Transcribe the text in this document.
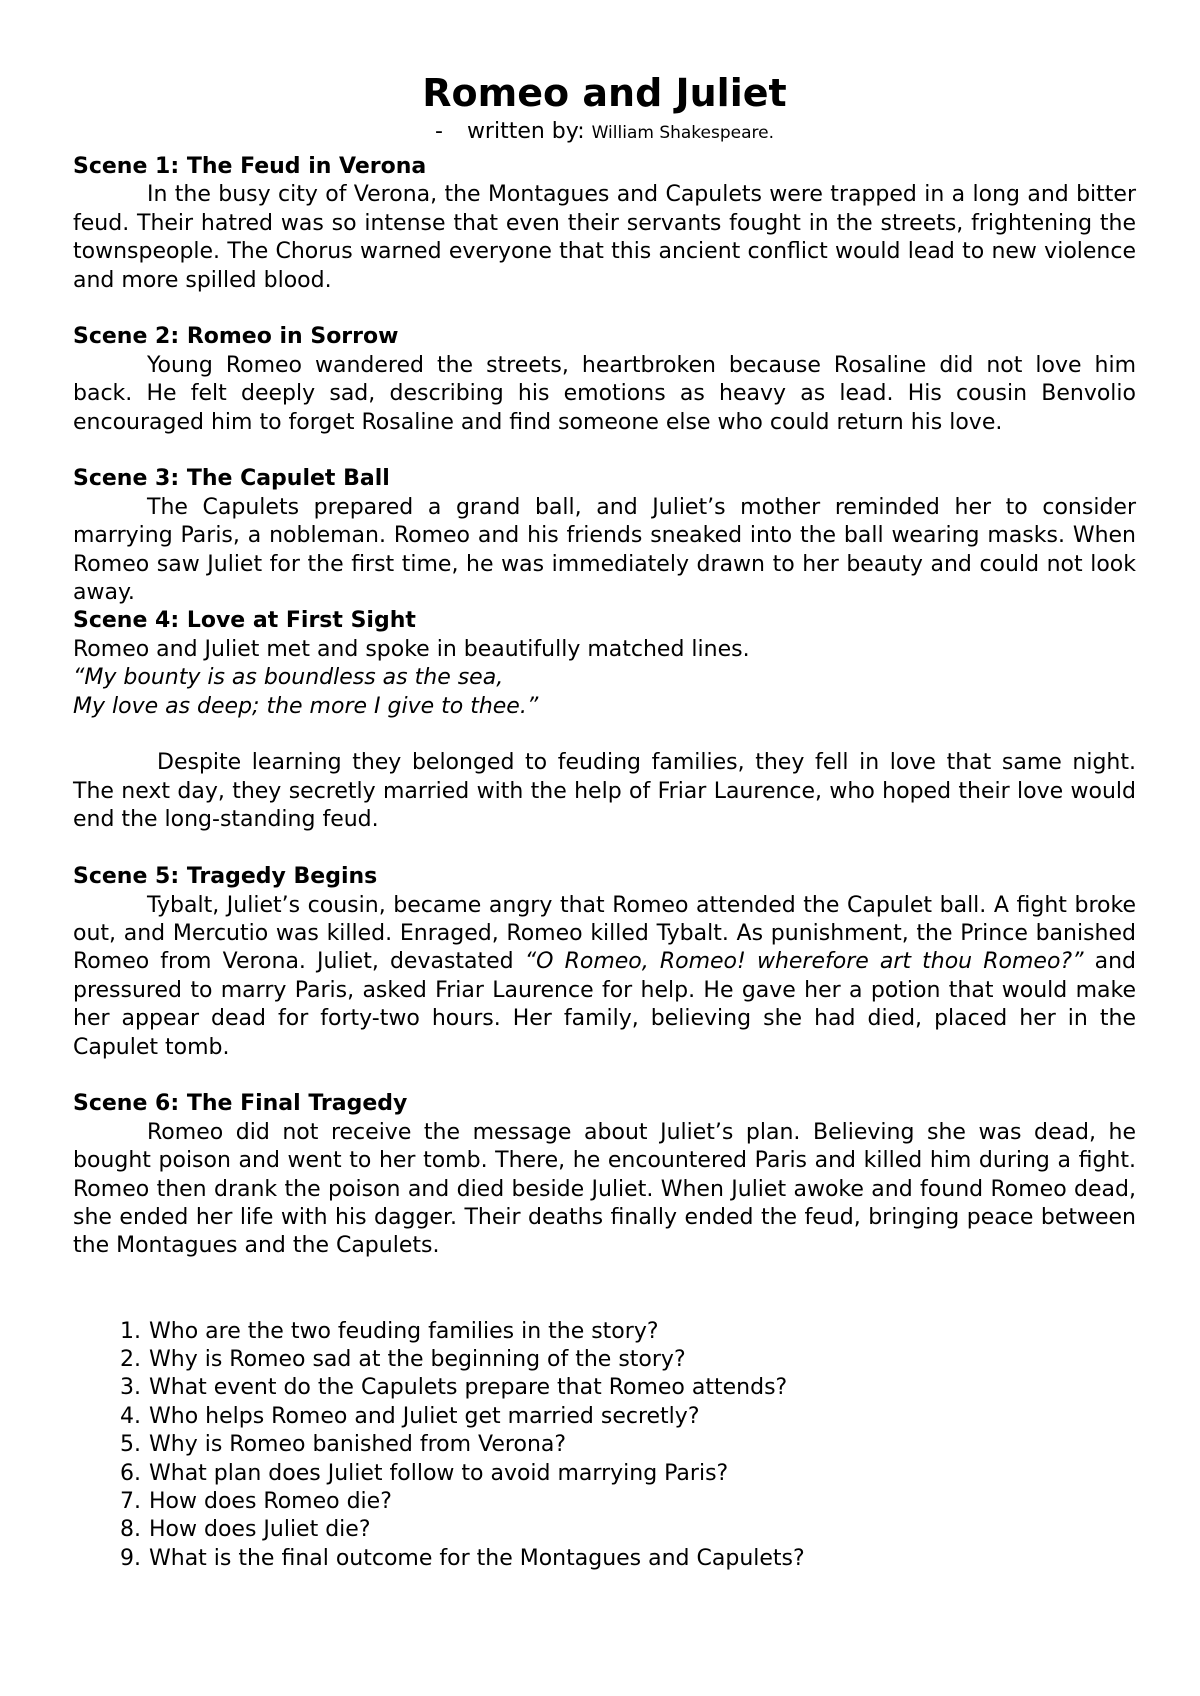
Romeo and Juliet

- written by: William Shakespeare.

Scene 1: The Feud in Verona

In the busy city of Verona, the Montagues and Capulets were trapped in a long and bitter feud. Their hatred was so intense that even their servants fought in the streets, frightening the townspeople. The Chorus warned everyone that this ancient conflict would lead to new violence and more spilled blood.

Scene 2: Romeo in Sorrow

Young Romeo wandered the streets, heartbroken because Rosaline did not love him back. He felt deeply sad, describing his emotions as heavy as lead. His cousin Benvolio encouraged him to forget Rosaline and find someone else who could return his love.

Scene 3: The Capulet Ball

The Capulets prepared a grand ball, and Juliet’s mother reminded her to consider marrying Paris, a nobleman. Romeo and his friends sneaked into the ball wearing masks. When Romeo saw Juliet for the first time, he was immediately drawn to her beauty and could not look away.

Scene 4: Love at First Sight

Romeo and Juliet met and spoke in beautifully matched lines.

“My bounty is as boundless as the sea,

My love as deep; the more I give to thee.”

Despite learning they belonged to feuding families, they fell in love that same night. The next day, they secretly married with the help of Friar Laurence, who hoped their love would end the long-standing feud.

Scene 5: Tragedy Begins

Tybalt, Juliet’s cousin, became angry that Romeo attended the Capulet ball. A fight broke out, and Mercutio was killed. Enraged, Romeo killed Tybalt. As punishment, the Prince banished Romeo from Verona. Juliet, devastated “O Romeo, Romeo! wherefore art thou Romeo?” and pressured to marry Paris, asked Friar Laurence for help. He gave her a potion that would make her appear dead for forty-two hours. Her family, believing she had died, placed her in the Capulet tomb.

Scene 6: The Final Tragedy

Romeo did not receive the message about Juliet’s plan. Believing she was dead, he bought poison and went to her tomb. There, he encountered Paris and killed him during a fight. Romeo then drank the poison and died beside Juliet. When Juliet awoke and found Romeo dead, she ended her life with his dagger. Their deaths finally ended the feud, bringing peace between the Montagues and the Capulets.

1. Who are the two feuding families in the story?
2. Why is Romeo sad at the beginning of the story?
3. What event do the Capulets prepare that Romeo attends?
4. Who helps Romeo and Juliet get married secretly?
5. Why is Romeo banished from Verona?
6. What plan does Juliet follow to avoid marrying Paris?
7. How does Romeo die?
8. How does Juliet die?
9. What is the final outcome for the Montagues and Capulets?
